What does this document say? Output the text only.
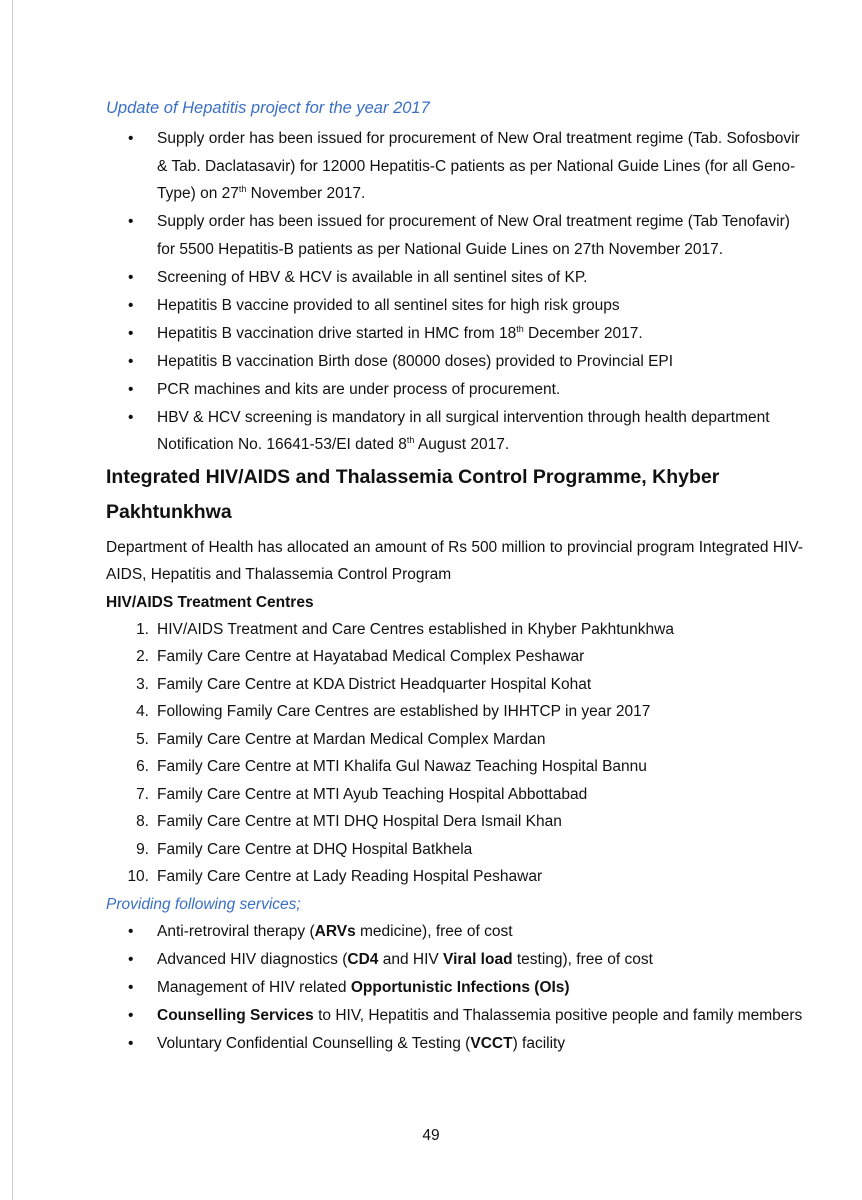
Update of Hepatitis project for the year 2017

• Supply order has been issued for procurement of New Oral treatment regime (Tab. Sofosbovir & Tab. Daclatasavir) for 12000 Hepatitis-C patients as per National Guide Lines (for all Geno-Type) on 27th November 2017.
• Supply order has been issued for procurement of New Oral treatment regime (Tab Tenofavir) for 5500 Hepatitis-B patients as per National Guide Lines on 27th November 2017.
• Screening of HBV & HCV is available in all sentinel sites of KP.
• Hepatitis B vaccine provided to all sentinel sites for high risk groups
• Hepatitis B vaccination drive started in HMC from 18th December 2017.
• Hepatitis B vaccination Birth dose (80000 doses) provided to Provincial EPI
• PCR machines and kits are under process of procurement.
• HBV & HCV screening is mandatory in all surgical intervention through health department Notification No. 16641-53/EI dated 8th August 2017.
Integrated HIV/AIDS and Thalassemia Control Programme, Khyber Pakhtunkhwa

Department of Health has allocated an amount of Rs 500 million to provincial program Integrated HIV-AIDS, Hepatitis and Thalassemia Control Program

HIV/AIDS Treatment Centres

1. HIV/AIDS Treatment and Care Centres established in Khyber Pakhtunkhwa
2. Family Care Centre at Hayatabad Medical Complex Peshawar
3. Family Care Centre at KDA District Headquarter Hospital Kohat
4. Following Family Care Centres are established by IHHTCP in year 2017
5. Family Care Centre at Mardan Medical Complex Mardan
6. Family Care Centre at MTI Khalifa Gul Nawaz Teaching Hospital Bannu
7. Family Care Centre at MTI Ayub Teaching Hospital Abbottabad
8. Family Care Centre at MTI DHQ Hospital Dera Ismail Khan
9. Family Care Centre at DHQ Hospital Batkhela
10. Family Care Centre at Lady Reading Hospital Peshawar

Providing following services;

• Anti-retroviral therapy (ARVs medicine), free of cost
• Advanced HIV diagnostics (CD4 and HIV Viral load testing), free of cost
• Management of HIV related Opportunistic Infections (OIs)
• Counselling Services to HIV, Hepatitis and Thalassemia positive people and family members
• Voluntary Confidential Counselling & Testing (VCCT) facility
49
